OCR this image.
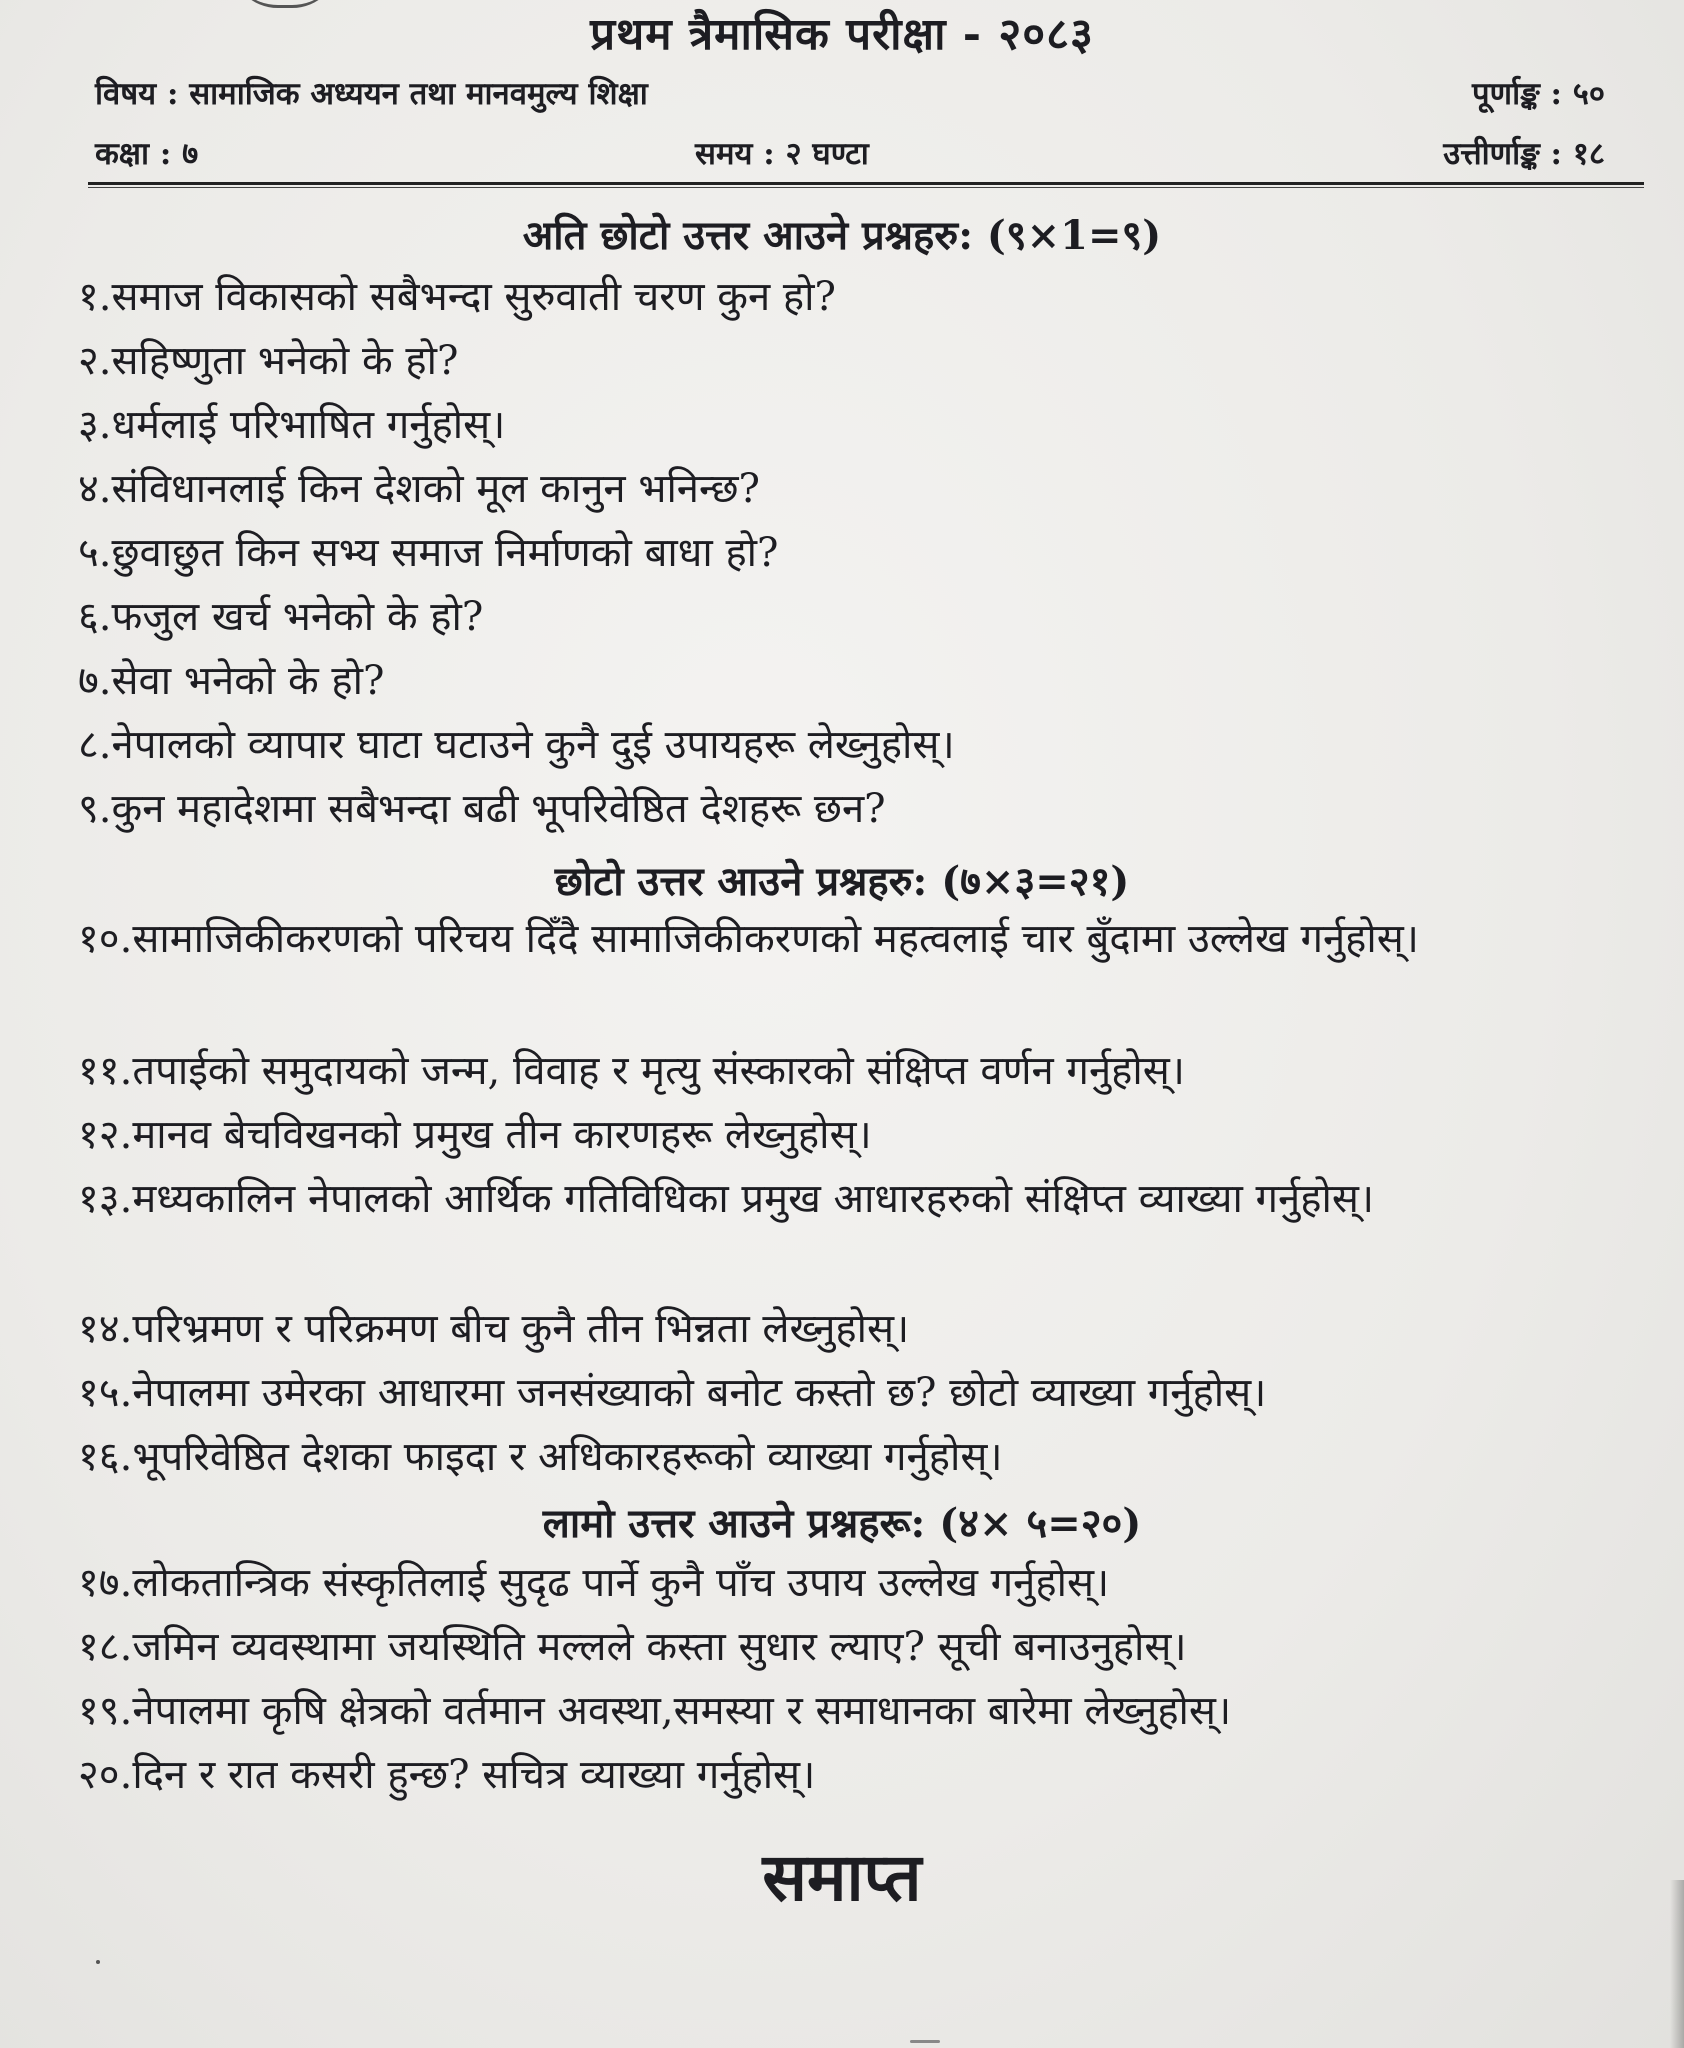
प्रथम त्रैमासिक परीक्षा - २०८३
विषय : सामाजिक अध्ययन तथा मानवमुल्य शिक्षा	पूर्णाङ्क : ५०
कक्षा : ७	समय : २ घण्टा	उत्तीर्णाङ्क : १८
अति छोटो उत्तर आउने प्रश्नहरु: (९×1=९)
१.समाज विकासको सबैभन्दा सुरुवाती चरण कुन हो?
२.सहिष्णुता भनेको के हो?
३.धर्मलाई परिभाषित गर्नुहोस्।
४.संविधानलाई किन देशको मूल कानुन भनिन्छ?
५.छुवाछुत किन सभ्य समाज निर्माणको बाधा हो?
६.फजुल खर्च भनेको के हो?
७.सेवा भनेको के हो?
८.नेपालको व्यापार घाटा घटाउने कुनै दुई उपायहरू लेख्नुहोस्।
९.कुन महादेशमा सबैभन्दा बढी भूपरिवेष्ठित देशहरू छन?
छोटो उत्तर आउने प्रश्नहरु: (७×३=२१)
१०.सामाजिकीकरणको परिचय दिँदै सामाजिकीकरणको महत्वलाई चार बुँदामा उल्लेख गर्नुहोस्।
११.तपाईको समुदायको जन्म, विवाह र मृत्यु संस्कारको संक्षिप्त वर्णन गर्नुहोस्।
१२.मानव बेचविखनको प्रमुख तीन कारणहरू लेख्नुहोस्।
१३.मध्यकालिन नेपालको आर्थिक गतिविधिका प्रमुख आधारहरुको संक्षिप्त व्याख्या गर्नुहोस्।
१४.परिभ्रमण र परिक्रमण बीच कुनै तीन भिन्नता लेख्नुहोस्।
१५.नेपालमा उमेरका आधारमा जनसंख्याको बनोट कस्तो छ? छोटो व्याख्या गर्नुहोस्।
१६.भूपरिवेष्ठित देशका फाइदा र अधिकारहरूको व्याख्या गर्नुहोस्।
लामो उत्तर आउने प्रश्नहरू: (४× ५=२०)
१७.लोकतान्त्रिक संस्कृतिलाई सुदृढ पार्ने कुनै पाँच उपाय उल्लेख गर्नुहोस्।
१८.जमिन व्यवस्थामा जयस्थिति मल्लले कस्ता सुधार ल्याए? सूची बनाउनुहोस्।
१९.नेपालमा कृषि क्षेत्रको वर्तमान अवस्था,समस्या र समाधानका बारेमा लेख्नुहोस्।
२०.दिन र रात कसरी हुन्छ? सचित्र व्याख्या गर्नुहोस्।
समाप्त
